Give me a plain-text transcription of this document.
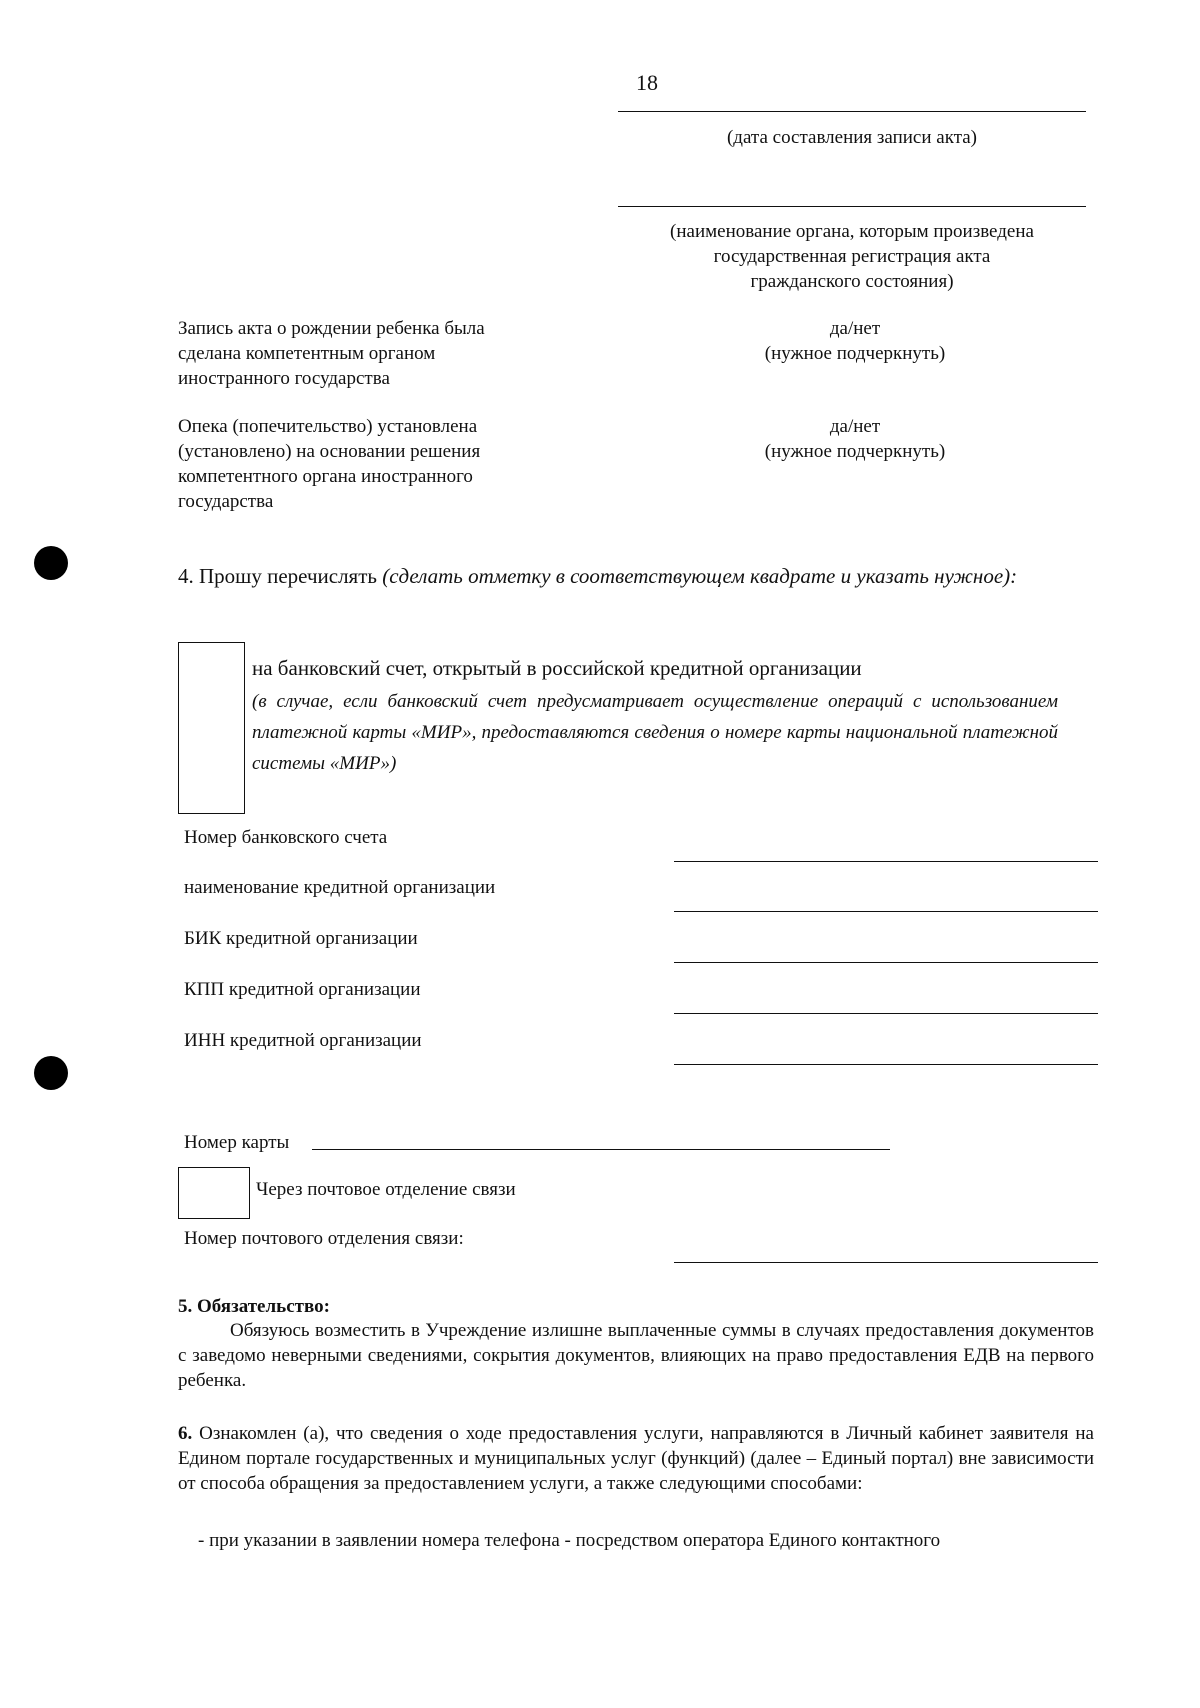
18
(дата составления записи акта)
(наименование органа, которым произведена
государственная регистрация акта
гражданского состояния)
Запись акта о рождении ребенка была
сделана компетентным органом
иностранного государства
да/нет
(нужное подчеркнуть)
Опека (попечительство) установлена
(установлено) на основании решения
компетентного органа иностранного
государства
да/нет
(нужное подчеркнуть)
4. Прошу перечислять (сделать отметку в соответствующем квадрате и указать нужное):
на банковский счет, открытый в российской кредитной организации
(в случае, если банковский счет предусматривает осуществление операций с использованием платежной карты «МИР», предоставляются сведения о номере карты национальной платежной системы «МИР»)
Номер банковского счета
наименование кредитной организации
БИК кредитной организации
КПП кредитной организации
ИНН кредитной организации
Номер карты
Через почтовое отделение связи
Номер почтового отделения связи:
5. Обязательство:
Обязуюсь возместить в Учреждение излишне выплаченные суммы в случаях предоставления документов с заведомо неверными сведениями, сокрытия документов, влияющих на право предоставления ЕДВ на первого ребенка.
6. Ознакомлен (а), что сведения о ходе предоставления услуги, направляются в Личный кабинет заявителя на Едином портале государственных и муниципальных услуг (функций) (далее – Единый портал) вне зависимости от способа обращения за предоставлением услуги, а также следующими способами:
- при указании в заявлении номера телефона - посредством оператора Единого контактного
